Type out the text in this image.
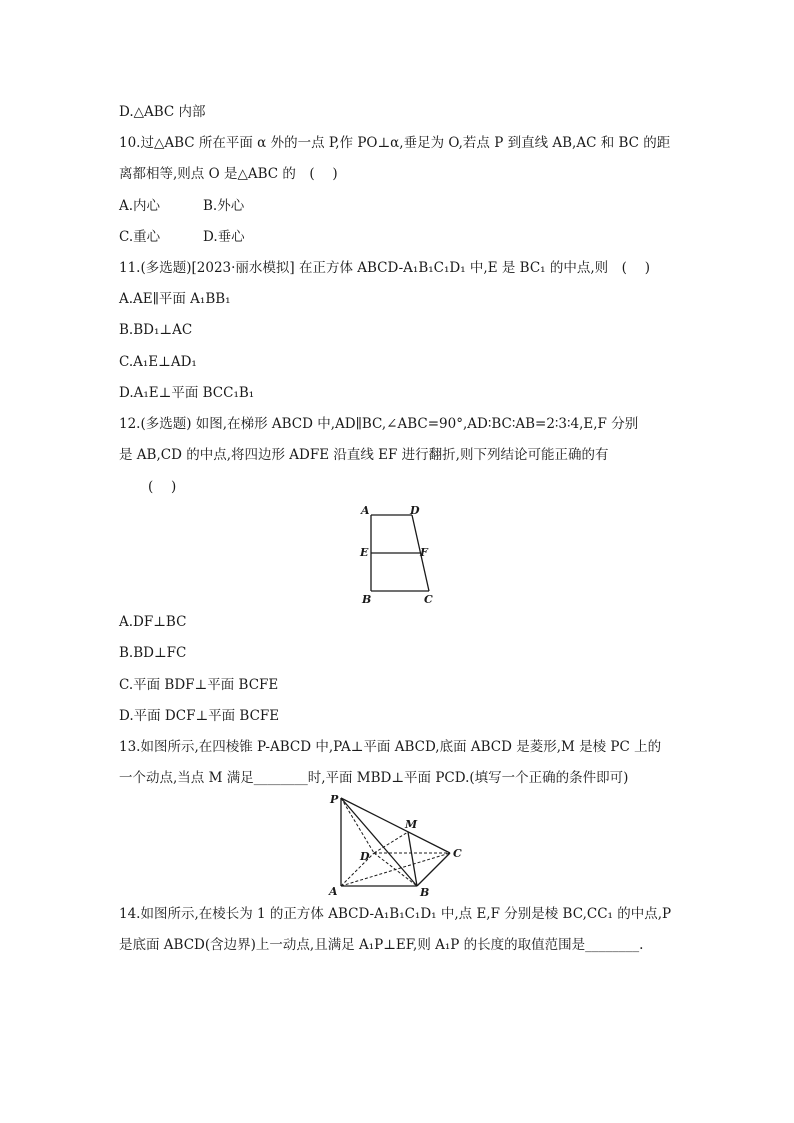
D.△ABC 内部
10.过△ABC 所在平面 α 外的一点 P,作 PO⊥α,垂足为 O,若点 P 到直线 AB,AC 和 BC 的距
离都相等,则点 O 是△ABC 的　(　 )
A.内心	B.外心
C.重心	D.垂心
11.(多选题)[2023·丽水模拟] 在正方体 ABCD-A₁B₁C₁D₁ 中,E 是 BC₁ 的中点,则　(　 )
A.AE∥平面 A₁BB₁
B.BD₁⊥AC
C.A₁E⊥AD₁
D.A₁E⊥平面 BCC₁B₁
12.(多选题) 如图,在梯形 ABCD 中,AD∥BC,∠ABC=90°,AD∶BC∶AB=2∶3∶4,E,F 分别
是 AB,CD 的中点,将四边形 ADFE 沿直线 EF 进行翻折,则下列结论可能正确的有
(　 )
A	D
E	F
B	C
A.DF⊥BC
B.BD⊥FC
C.平面 BDF⊥平面 BCFE
D.平面 DCF⊥平面 BCFE
13.如图所示,在四棱锥 P-ABCD 中,PA⊥平面 ABCD,底面 ABCD 是菱形,M 是棱 PC 上的
一个动点,当点 M 满足________时,平面 MBD⊥平面 PCD.(填写一个正确的条件即可)
P
M
D	C
A	B
14.如图所示,在棱长为 1 的正方体 ABCD-A₁B₁C₁D₁ 中,点 E,F 分别是棱 BC,CC₁ 的中点,P
是底面 ABCD(含边界)上一动点,且满足 A₁P⊥EF,则 A₁P 的长度的取值范围是________.
